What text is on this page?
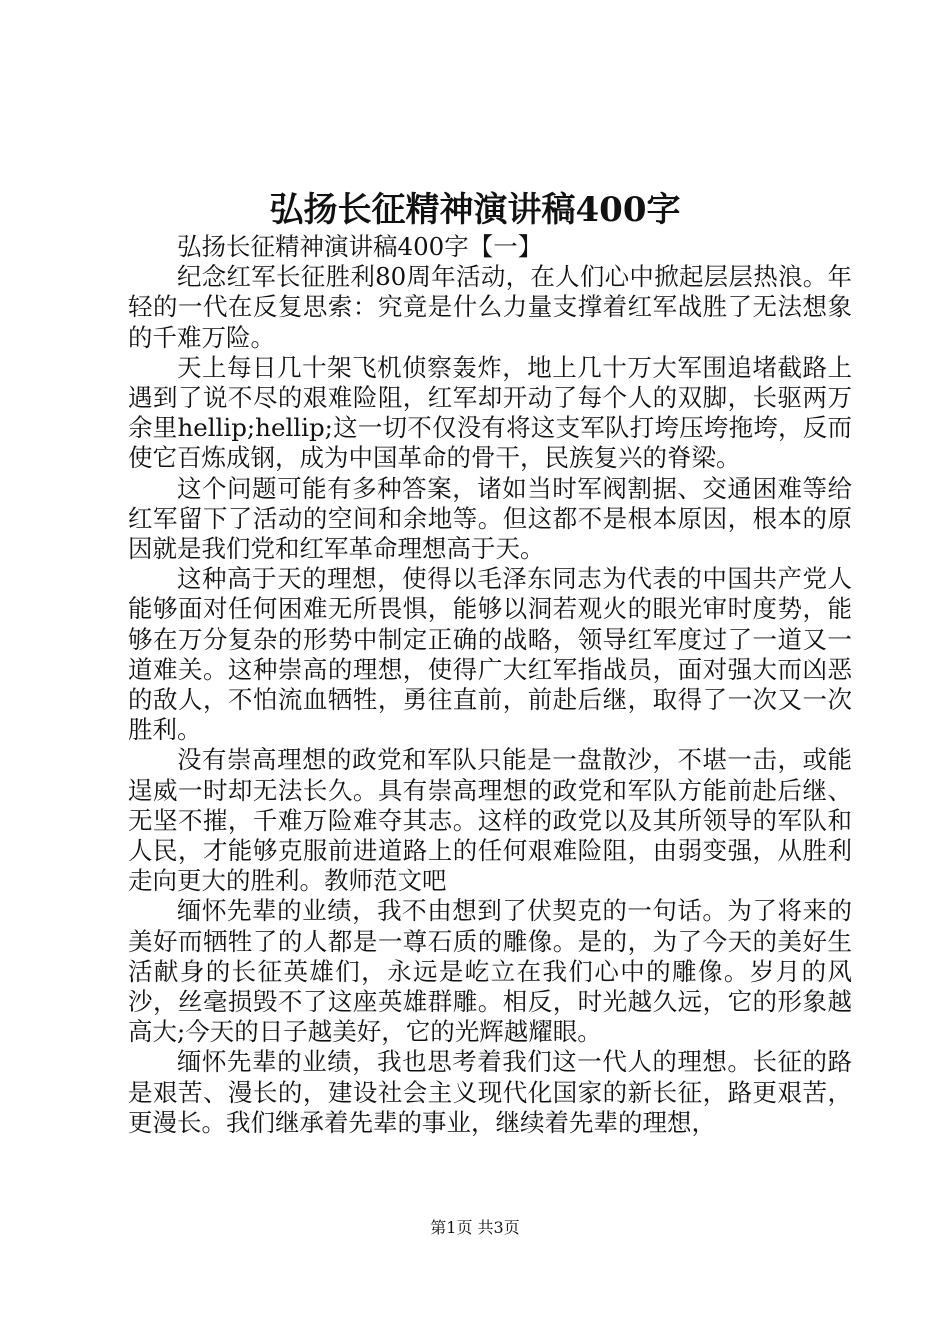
弘扬长征精神演讲稿400字

弘扬长征精神演讲稿400字【一】

纪念红军长征胜利80周年活动，在人们心中掀起层层热浪。年轻的一代在反复思索：究竟是什么力量支撑着红军战胜了无法想象的千难万险。

天上每日几十架飞机侦察轰炸，地上几十万大军围追堵截路上遇到了说不尽的艰难险阻，红军却开动了每个人的双脚，长驱两万余里hellip;hellip;这一切不仅没有将这支军队打垮压垮拖垮，反而使它百炼成钢，成为中国革命的骨干，民族复兴的脊梁。

这个问题可能有多种答案，诸如当时军阀割据、交通困难等给红军留下了活动的空间和余地等。但这都不是根本原因，根本的原因就是我们党和红军革命理想高于天。

这种高于天的理想，使得以毛泽东同志为代表的中国共产党人能够面对任何困难无所畏惧，能够以洞若观火的眼光审时度势，能够在万分复杂的形势中制定正确的战略，领导红军度过了一道又一道难关。这种崇高的理想，使得广大红军指战员，面对强大而凶恶的敌人，不怕流血牺牲，勇往直前，前赴后继，取得了一次又一次胜利。

没有崇高理想的政党和军队只能是一盘散沙，不堪一击，或能逞威一时却无法长久。具有崇高理想的政党和军队方能前赴后继、无坚不摧，千难万险难夺其志。这样的政党以及其所领导的军队和人民，才能够克服前进道路上的任何艰难险阻，由弱变强，从胜利走向更大的胜利。教师范文吧

缅怀先辈的业绩，我不由想到了伏契克的一句话。为了将来的美好而牺牲了的人都是一尊石质的雕像。是的，为了今天的美好生活献身的长征英雄们，永远是屹立在我们心中的雕像。岁月的风沙，丝毫损毁不了这座英雄群雕。相反，时光越久远，它的形象越高大;今天的日子越美好，它的光辉越耀眼。

缅怀先辈的业绩，我也思考着我们这一代人的理想。长征的路是艰苦、漫长的，建设社会主义现代化国家的新长征，路更艰苦，更漫长。我们继承着先辈的事业，继续着先辈的理想，

第1页 共3页
